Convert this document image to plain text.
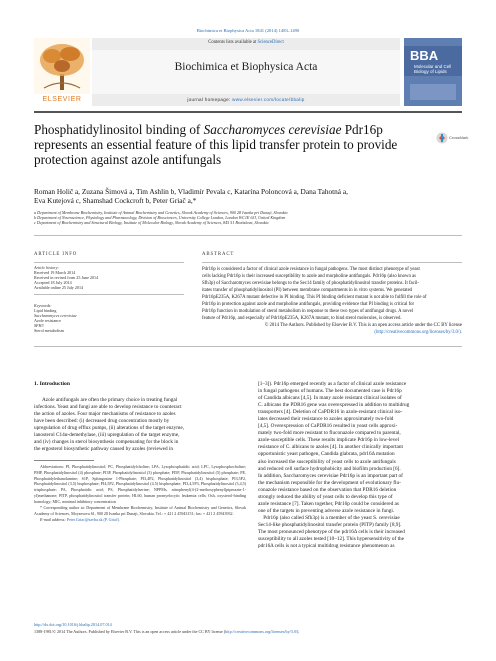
Biochimica et Biophysica Acta 1841 (2014) 1483–1490
ELSEVIER
Contents lists available at ScienceDirect
Biochimica et Biophysica Acta
journal homepage: www.elsevier.com/locate/bbalip
BBA
Molecular and Cell Biology of Lipids
Phosphatidylinositol binding of Saccharomyces cerevisiae Pdr16p represents an essential feature of this lipid transfer protein to provide protection against azole antifungals
CrossMark
Roman Holič a, Zuzana Šimová a, Tim Ashlin b, Vladimír Pevala c, Katarína Poloncová a, Dana Tahotná a,
Eva Kutejová c, Shamshad Cockcroft b, Peter Griač a,*
a Department of Membrane Biochemistry, Institute of Animal Biochemistry and Genetics, Slovak Academy of Sciences, 900 28 Ivanka pri Dunaji, Slovakia
b Department of Neuroscience, Physiology and Pharmacology, Division of Biosciences, University College London, London WC1E 6JJ, United Kingdom
c Department of Biochemistry and Structural Biology, Institute of Molecular Biology, Slovak Academy of Sciences, 845 51 Bratislava, Slovakia
ARTICLE INFO
Article history:
Received 19 March 2014
Received in revised form 25 June 2014
Accepted 18 July 2014
Available online 25 July 2014
Keywords:
Lipid binding
Saccharomyces cerevisiae
Azole resistance
SFH3
Sterol metabolism
ABSTRACT
Pdr16p is considered a factor of clinical azole resistance in fungal pathogens. The most distinct phenotype of yeast
cells lacking Pdr16p is their increased susceptibility to azole and morpholine antifungals. Pdr16p (also known as
Sfh3p) of Saccharomyces cerevisiae belongs to the Sec14 family of phosphatidylinositol transfer proteins. It facil-
itates transfer of phosphatidylinositol (PI) between membrane compartments in in vitro systems. We generated
Pdr16pE235A, K267A mutant defective in PI binding. This PI binding deficient mutant is not able to fulfill the role of
Pdr16p in protection against azole and morpholine antifungals, providing evidence that PI binding is critical for
Pdr16p function in modulation of sterol metabolism in response to these two types of antifungal drugs. A novel
feature of Pdr16p, and especially of Pdr16pE235A, K267A mutant, to bind sterol molecules, is observed.
© 2014 The Authors. Published by Elsevier B.V. This is an open access article under the CC BY license
(http://creativecommons.org/licenses/by/3.0/).
1. Introduction
Azole antifungals are often the primary choice in treating fungal
infections. Yeast and fungi are able to develop resistance to counteract
the action of azoles. Four major mechanisms of resistance to azoles
have been described: (i) decreased drug concentration mostly by
upregulation of drug efflux pumps, (ii) alterations of the target enzyme,
lanosterol C14α-demethylase, (iii) upregulation of the target enzyme,
and (iv) changes in sterol biosynthesis compensating for the block in
the ergosterol biosynthetic pathway caused by azoles (reviewed in

Abbreviations: PI, Phosphatidylinositol; PC, Phosphatidylcholine; LPA, Lysophosphatidic acid; LPC, Lysophosphocholine; PMP, Phosphatidylinositol (4) phosphate; PI3P, Phosphatidylinositol (3) phosphate; PI5P, Phosphatidylinositol (5) phosphate; PE, Phosphatidylethanolamine; S1P, Sphingosine 1-Phosphate; PI3,4P2, Phosphatidylinositol (3,4) bisphosphate; PI3,5P2, Phosphatidylinositol (3,5) bisphosphate; PI4,5P2, Phosphatidylinositol (4,5) bisphosphate; PI3,4,5P3, Phosphatidylinositol (3,4,5) trisphosphate; PA, Phosphatidic acid; PS, Phosphatidylserine; NPPMs, nitrophenyl(4-(2-methoxyphenyl)piperazin-1-yl)methanone; PITP, phosphatidylinositol transfer protein; HL60, human promyelocytic leukemia cells; Osh, oxysterol-binding homology; MIC, minimal inhibitory concentration

* Corresponding author at: Department of Membrane Biochemistry, Institute of Animal Biochemistry and Genetics, Slovak Academy of Sciences, Moyzesova 61, 900 28 Ivanka pri Dunaji, Slovakia. Tel.: + 421 2 45943151; fax: + 421 2 45943932.

E-mail address: Peter.Griac@savba.sk (P. Griač).

[1–3]). Pdr16p emerged recently as a factor of clinical azole resistance
in fungal pathogens of humans. The best documented case is Pdr16p
of Candida albicans [4,5]. In many azole resistant clinical isolates of
C. albicans the PDR16 gene was overexpressed in addition to multidrug
transporters [4]. Deletion of CaPDR16 in azole-resistant clinical iso-
lates decreased their resistance to azoles approximately two-fold
[4,5]. Overexpression of CaPDR16 resulted in yeast cells approxi-
mately two-fold more resistant to fluconazole compared to parental,
azole-susceptible cells. These results implicate Pdr16p in low-level
resistance of C. albicans to azoles [4]. In another clinically important
opportunistic yeast pathogen, Candida glabrata, pdr16Δ mutation
also increased the susceptibility of yeast cells to azole antifungals
and reduced cell surface hydrophobicity and biofilm production [6].
In addition, Saccharomyces cerevisiae Pdr16p is an important part of
the mechanism responsible for the development of evolutionary flu-
conazole resistance based on the observation that PDR16 deletion
strongly reduced the ability of yeast cells to develop this type of
azole resistance [7]. Taken together, Pdr16p could be considered as
one of the targets in preventing adverse azole resistance in fungi.
Pdr16p (also called Sfh3p) is a member of the yeast S. cerevisiae
Sec14-like phosphatidylinositol transfer protein (PITP) family [8,9].
The most pronounced phenotype of the pdr16Δ cells is their increased
susceptibility to all azoles tested [10–12]. This hypersensitivity of the
pdr16Δ cells is not a typical multidrug resistance phenomenon as
http://dx.doi.org/10.1016/j.bbalip.2014.07.014
1388-1981/© 2014 The Authors. Published by Elsevier B.V. This is an open access article under the CC BY license (http://creativecommons.org/licenses/by/3.0/).
